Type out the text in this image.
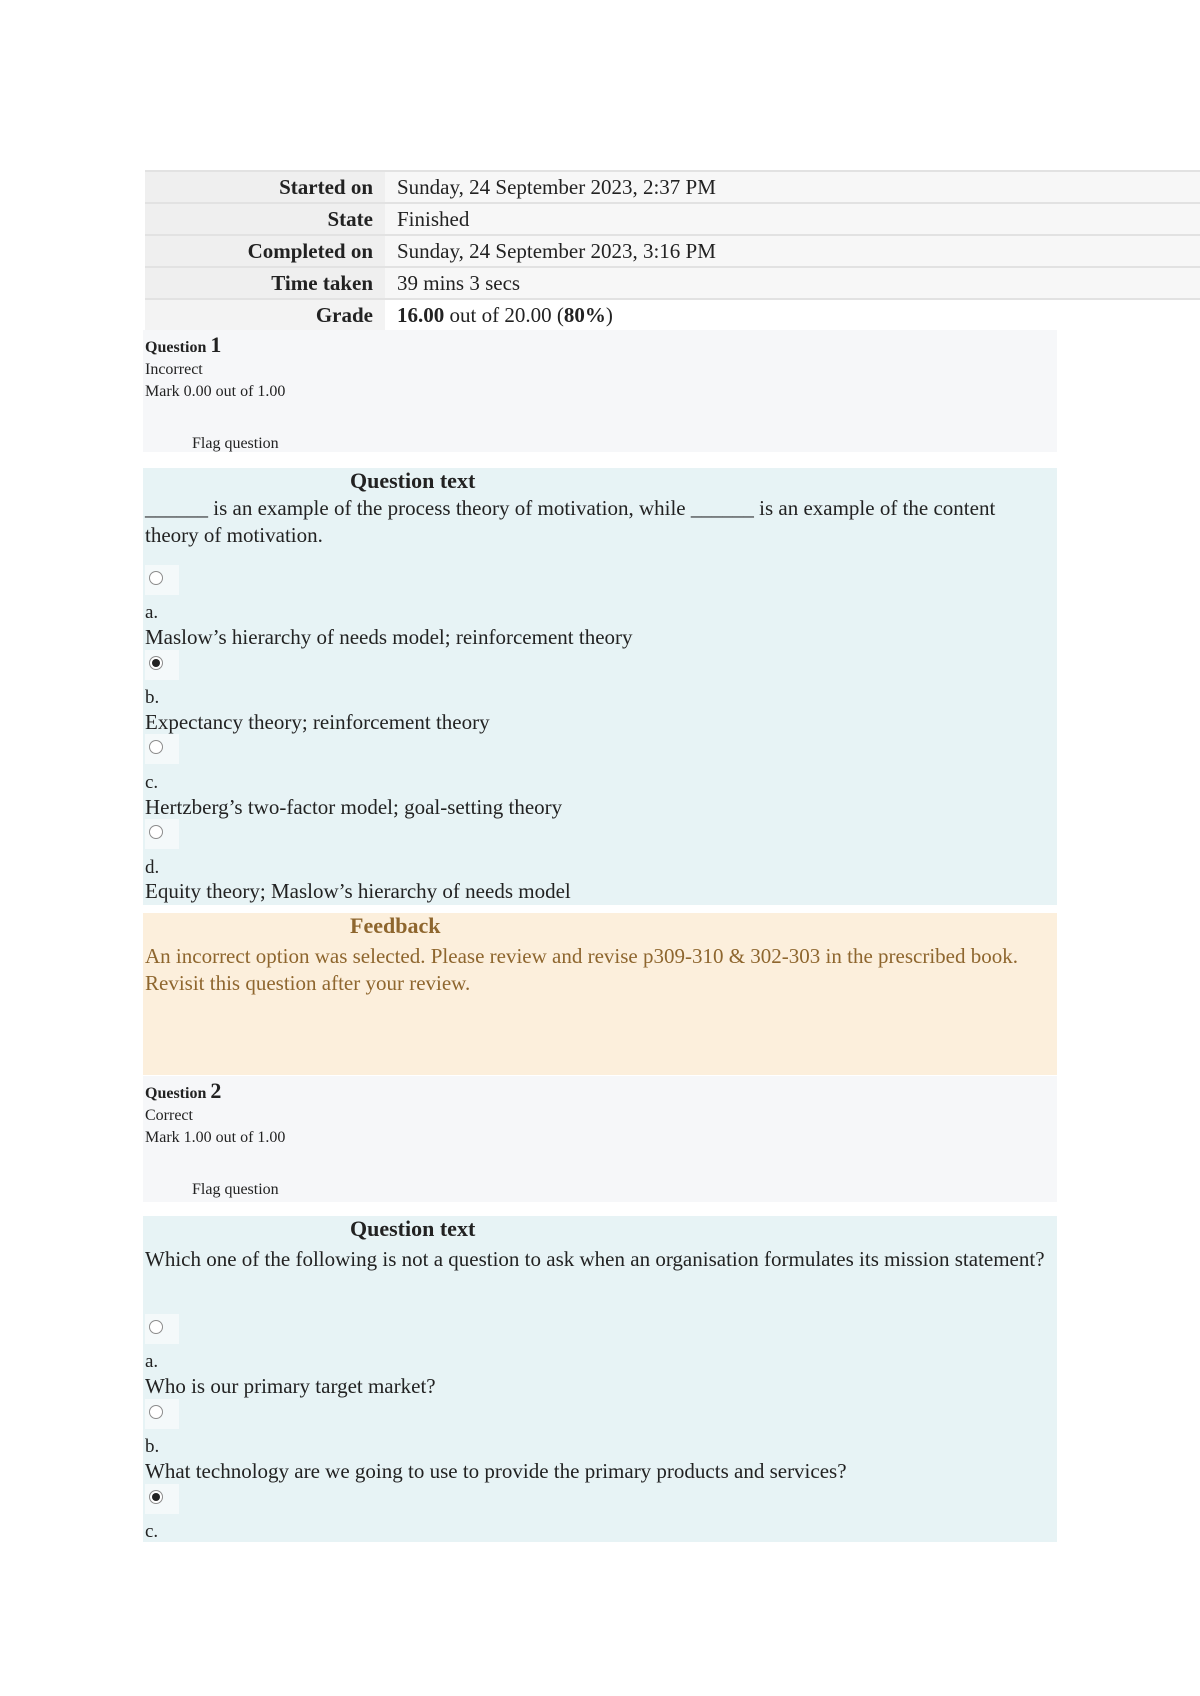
Started on	Sunday, 24 September 2023, 2:37 PM
State	Finished
Completed on	Sunday, 24 September 2023, 3:16 PM
Time taken	39 mins 3 secs
Grade	16.00 out of 20.00 (80%)
Question 1
Incorrect
Mark 0.00 out of 1.00
Flag question
Question text
______ is an example of the process theory of motivation, while ______ is an example of the content theory of motivation.
a.
Maslow’s hierarchy of needs model; reinforcement theory
b.
Expectancy theory; reinforcement theory
c.
Hertzberg’s two-factor model; goal-setting theory
d.
Equity theory; Maslow’s hierarchy of needs model
Feedback
An incorrect option was selected. Please review and revise p309-310 & 302-303 in the prescribed book. Revisit this question after your review.
Question 2
Correct
Mark 1.00 out of 1.00
Flag question
Question text
Which one of the following is not a question to ask when an organisation formulates its mission statement?
a.
Who is our primary target market?
b.
What technology are we going to use to provide the primary products and services?
c.
